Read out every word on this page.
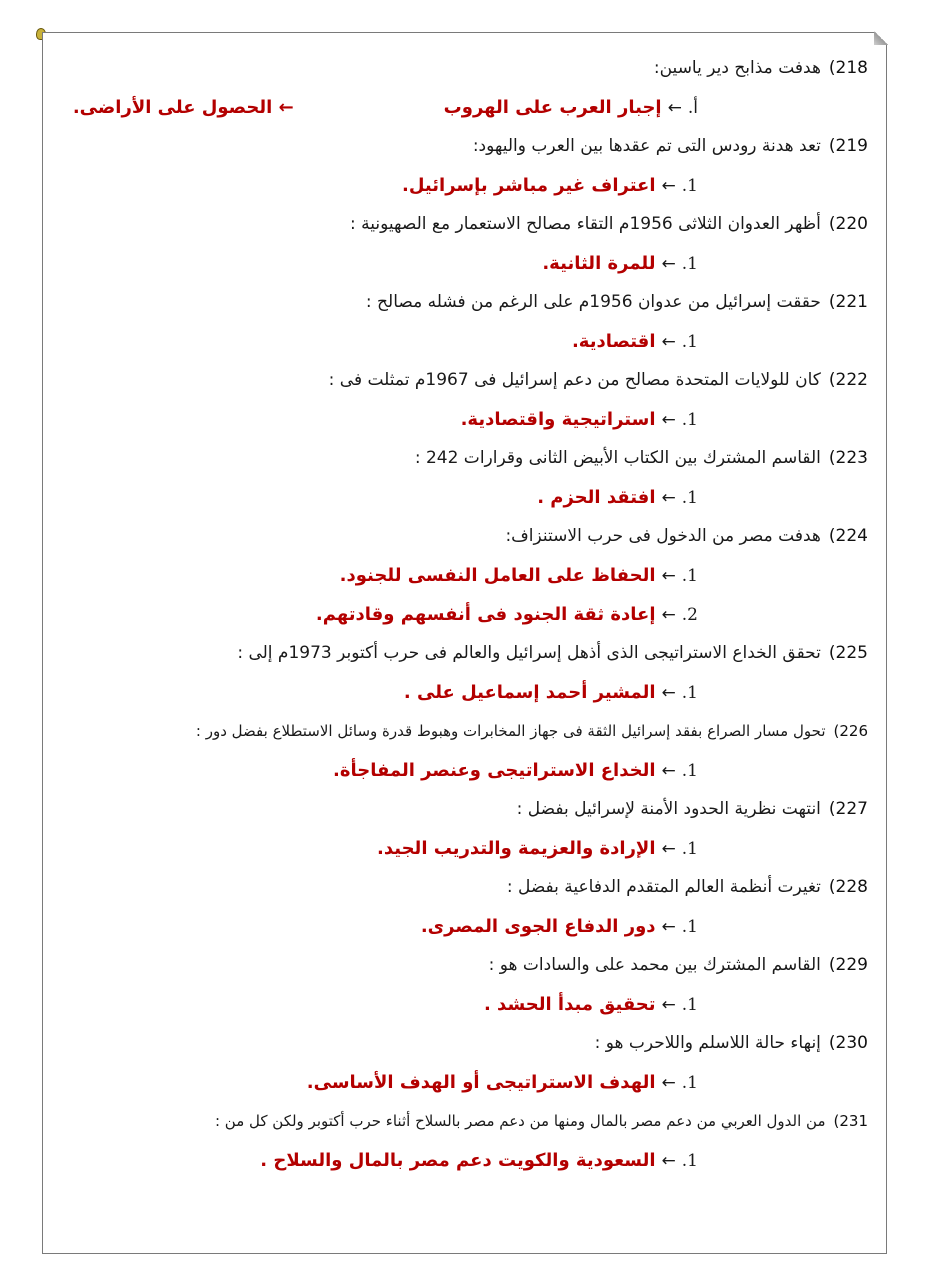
218)هدفت مذابح دير ياسين:
أ.←إجبار العرب على الهروب← الحصول على الأراضى.
219)تعد هدنة رودس التى تم عقدها بين العرب واليهود:
1.←اعتراف غير مباشر بإسرائيل.
220)أظهر العدوان الثلاثى 1956م التقاء مصالح الاستعمار مع الصهيونية :
1.←للمرة الثانية.
221)حققت إسرائيل من عدوان 1956م على الرغم من فشله مصالح :
1.←اقتصادية.
222)كان للولايات المتحدة مصالح من دعم إسرائيل فى 1967م تمثلت فى :
1.←استراتيجية واقتصادية.
223)القاسم المشترك بين الكتاب الأبيض الثانى وقرارات 242 :
1.←افتقد الحزم .
224)هدفت مصر من الدخول فى حرب الاستنزاف:
1.←الحفاظ على العامل النفسى للجنود.
2.←إعادة ثقة الجنود فى أنفسهم وقادتهم.
225)تحقق الخداع الاستراتيجى الذى أذهل إسرائيل والعالم فى حرب أكتوبر 1973م إلى :
1.←المشير أحمد إسماعيل على .
226)تحول مسار الصراع بفقد إسرائيل الثقة فى جهاز المخابرات وهبوط قدرة وسائل الاستطلاع بفضل دور :
1.←الخداع الاستراتيجى وعنصر المفاجأة.
227)انتهت نظرية الحدود الأمنة لإسرائيل بفضل :
1.←الإرادة والعزيمة والتدريب الجيد.
228)تغيرت أنظمة العالم المتقدم الدفاعية بفضل :
1.←دور الدفاع الجوى المصرى.
229)القاسم المشترك بين محمد على والسادات هو :
1.←تحقيق مبدأ الحشد .
230)إنهاء حالة اللاسلم واللاحرب هو :
1.←الهدف الاستراتيجى أو الهدف الأساسى.
231)من الدول العربي من دعم مصر بالمال ومنها من دعم مصر بالسلاح أثناء حرب أكتوبر ولكن كل من :
1.←السعودية والكويت دعم مصر بالمال والسلاح .
